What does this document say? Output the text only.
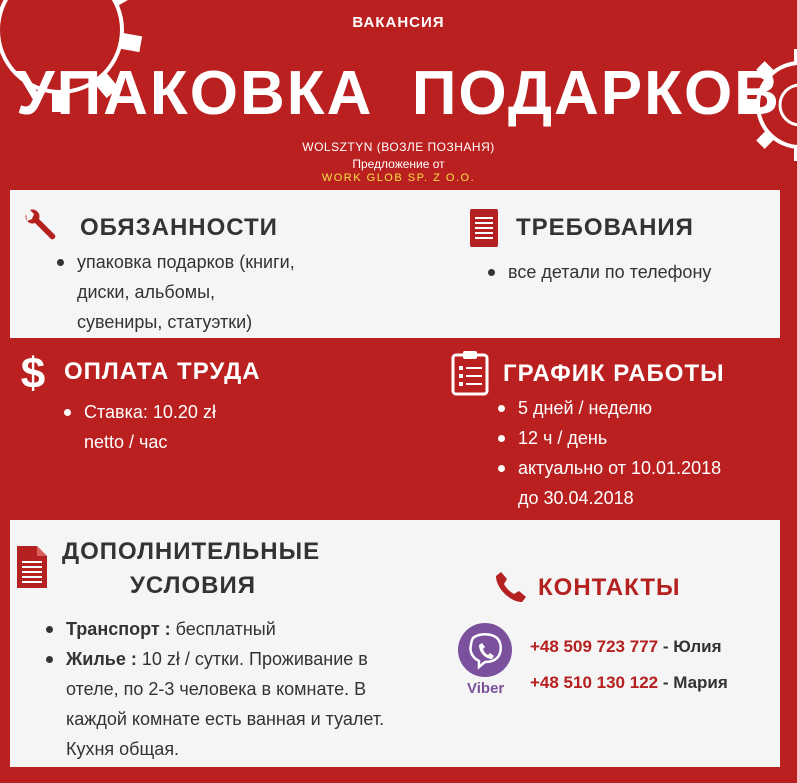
ВАКАНСИЯ
УПАКОВКА  ПОДАРКОВ
WOLSZTYN (ВОЗЛЕ ПОЗНАНЯ)
Предложение от
WORK GLOB SP. Z O.O.
ОБЯЗАННОСТИ
упаковка подарков (книги,
диски, альбомы,
сувениры, статуэтки)
ТРЕБОВАНИЯ
все детали по телефону
$ ОПЛАТА ТРУДА
Ставка: 10.20 zł
netto / час
ГРАФИК РАБОТЫ
5 дней / неделю
12 ч / день
актуально от 10.01.2018
до 30.04.2018
ДОПОЛНИТЕЛЬНЫЕ
УСЛОВИЯ
Транспорт : бесплатный
Жилье : 10 zł / сутки. Проживание в
отеле, по 2-3 человека в комнате. В
каждой комнате есть ванная и туалет.
Кухня общая.
КОНТАКТЫ
Viber
+48 509 723 777 - Юлия
+48 510 130 122 - Мария
